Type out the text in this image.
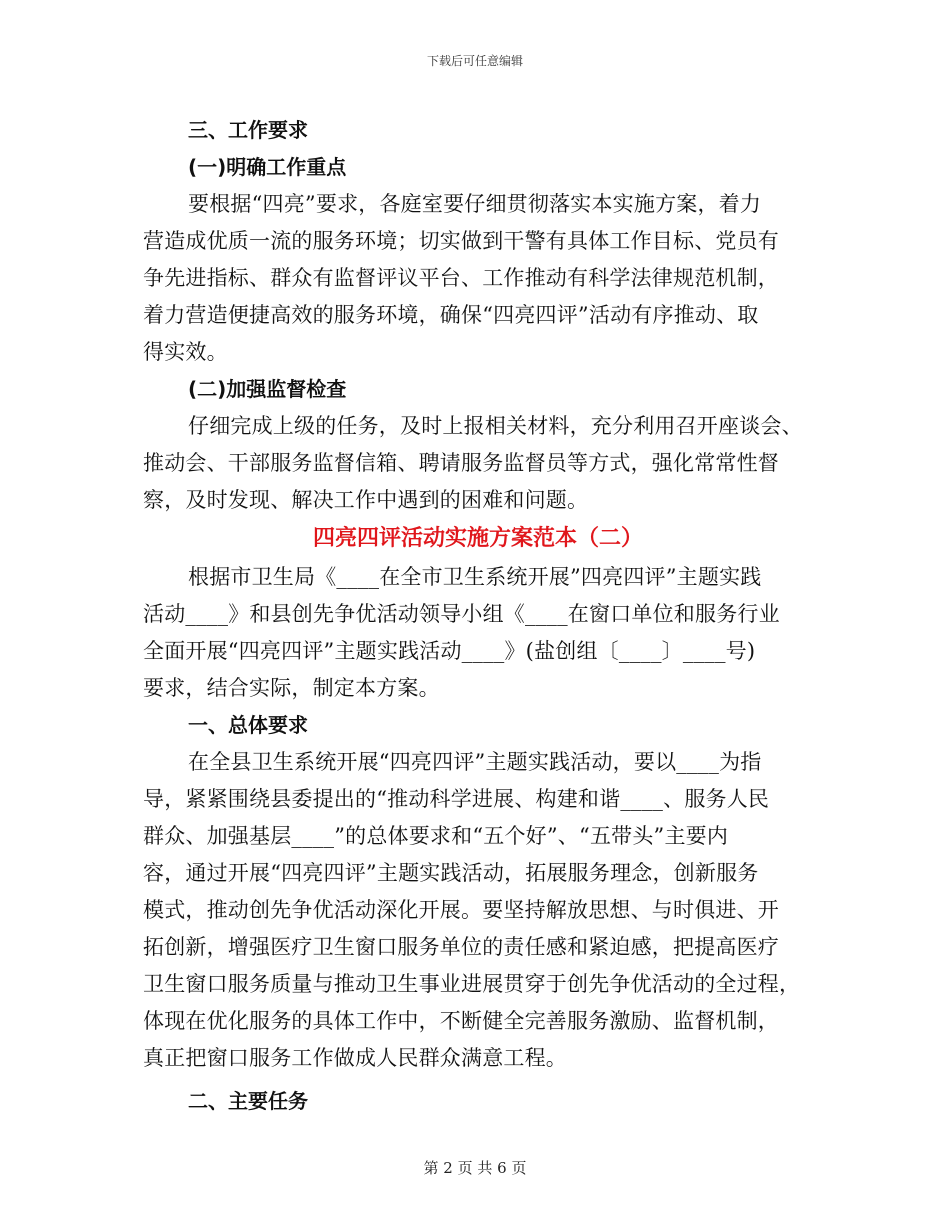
下载后可任意编辑
三、工作要求
(一)明确工作重点
要根据“四亮”要求，各庭室要仔细贯彻落实本实施方案，着力
营造成优质一流的服务环境；切实做到干警有具体工作目标、党员有
争先进指标、群众有监督评议平台、工作推动有科学法律规范机制，
着力营造便捷高效的服务环境，确保“四亮四评”活动有序推动、取
得实效。
(二)加强监督检查
仔细完成上级的任务，及时上报相关材料，充分利用召开座谈会、
推动会、干部服务监督信箱、聘请服务监督员等方式，强化常常性督
察，及时发现、解决工作中遇到的困难和问题。
四亮四评活动实施方案范本（二）
根据市卫生局《____在全市卫生系统开展”四亮四评”主题实践
活动____》和县创先争优活动领导小组《____在窗口单位和服务行业
全面开展“四亮四评”主题实践活动____》(盐创组〔____〕____号)
要求，结合实际，制定本方案。
一、总体要求
在全县卫生系统开展“四亮四评”主题实践活动，要以____为指
导，紧紧围绕县委提出的“推动科学进展、构建和谐____、服务人民
群众、加强基层____”的总体要求和“五个好”、“五带头”主要内
容，通过开展“四亮四评”主题实践活动，拓展服务理念，创新服务
模式，推动创先争优活动深化开展。要坚持解放思想、与时俱进、开
拓创新，增强医疗卫生窗口服务单位的责任感和紧迫感，把提高医疗
卫生窗口服务质量与推动卫生事业进展贯穿于创先争优活动的全过程，
体现在优化服务的具体工作中，不断健全完善服务激励、监督机制，
真正把窗口服务工作做成人民群众满意工程。
二、主要任务
第 2 页 共 6 页
